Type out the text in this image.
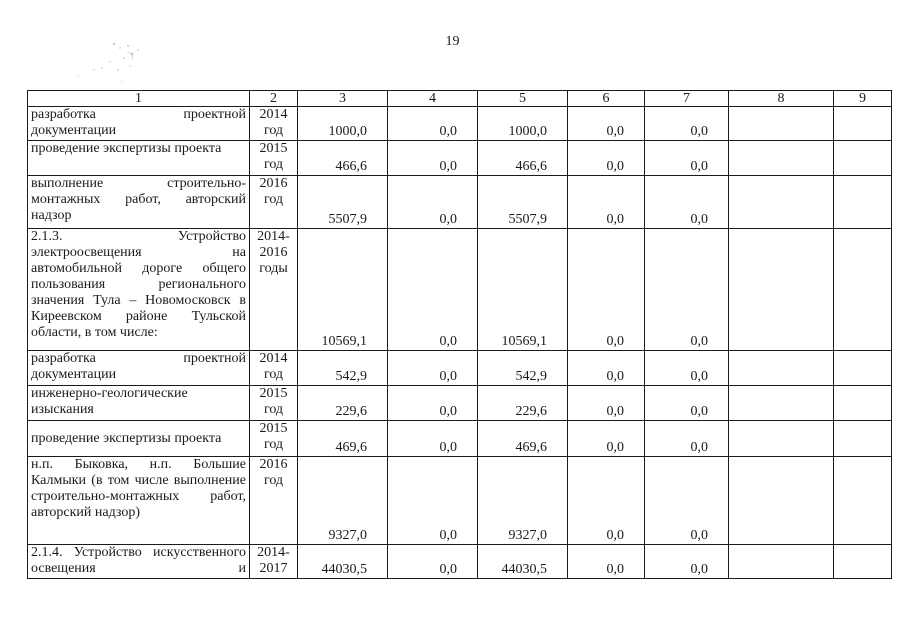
19
1	2	3	4	5	6	7	8	9
разработка проектной документации	2014 год	1000,0	0,0	1000,0	0,0	0,0		
проведение экспертизы проекта	2015 год	466,6	0,0	466,6	0,0	0,0		
выполнение строительно-монтажных работ, авторский надзор	2016 год	5507,9	0,0	5507,9	0,0	0,0		
2.1.3. Устройство электроосвещения на автомобильной дороге общего пользования регионального значения Тула – Новомосковск в Киреевском районе Тульской области, в том числе:	2014-2016 годы	10569,1	0,0	10569,1	0,0	0,0		
разработка проектной документации	2014 год	542,9	0,0	542,9	0,0	0,0		
инженерно-геологические изыскания	2015 год	229,6	0,0	229,6	0,0	0,0		
проведение экспертизы проекта	2015 год	469,6	0,0	469,6	0,0	0,0		
н.п. Быковка, н.п. Большие Калмыки (в том числе выполнение строительно-монтажных работ, авторский надзор)	2016 год	9327,0	0,0	9327,0	0,0	0,0		
2.1.4. Устройство искусственного освещения и	2014-2017	44030,5	0,0	44030,5	0,0	0,0		
